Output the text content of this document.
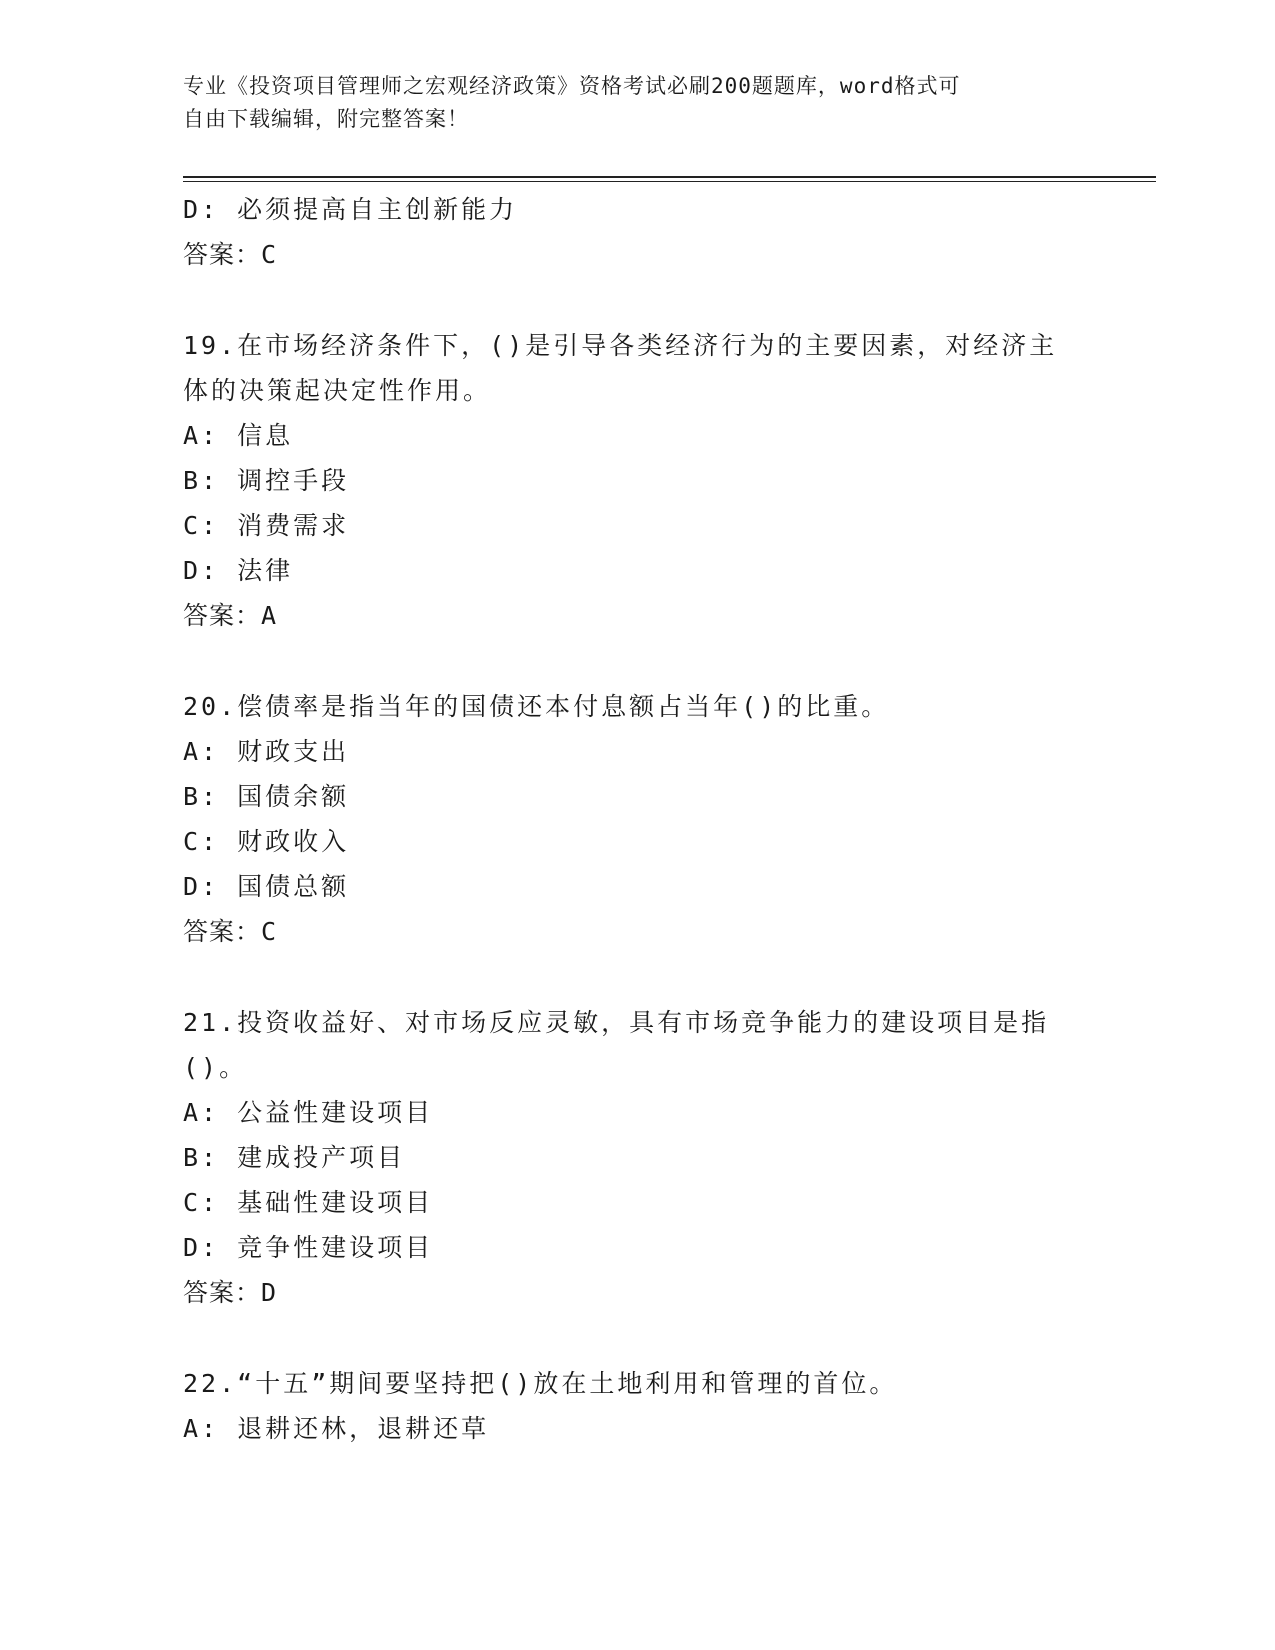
专业《投资项目管理师之宏观经济政策》资格考试必刷200题题库，word格式可
自由下载编辑，附完整答案！
D: 必须提高自主创新能力
答案：C
19.在市场经济条件下，()是引导各类经济行为的主要因素，对经济主体的决策起决定性作用。
A: 信息
B: 调控手段
C: 消费需求
D: 法律
答案：A
20.偿债率是指当年的国债还本付息额占当年()的比重。
A: 财政支出
B: 国债余额
C: 财政收入
D: 国债总额
答案：C
21.投资收益好、对市场反应灵敏，具有市场竞争能力的建设项目是指()。
A: 公益性建设项目
B: 建成投产项目
C: 基础性建设项目
D: 竞争性建设项目
答案：D
22.“十五”期间要坚持把()放在土地利用和管理的首位。
A: 退耕还林，退耕还草
